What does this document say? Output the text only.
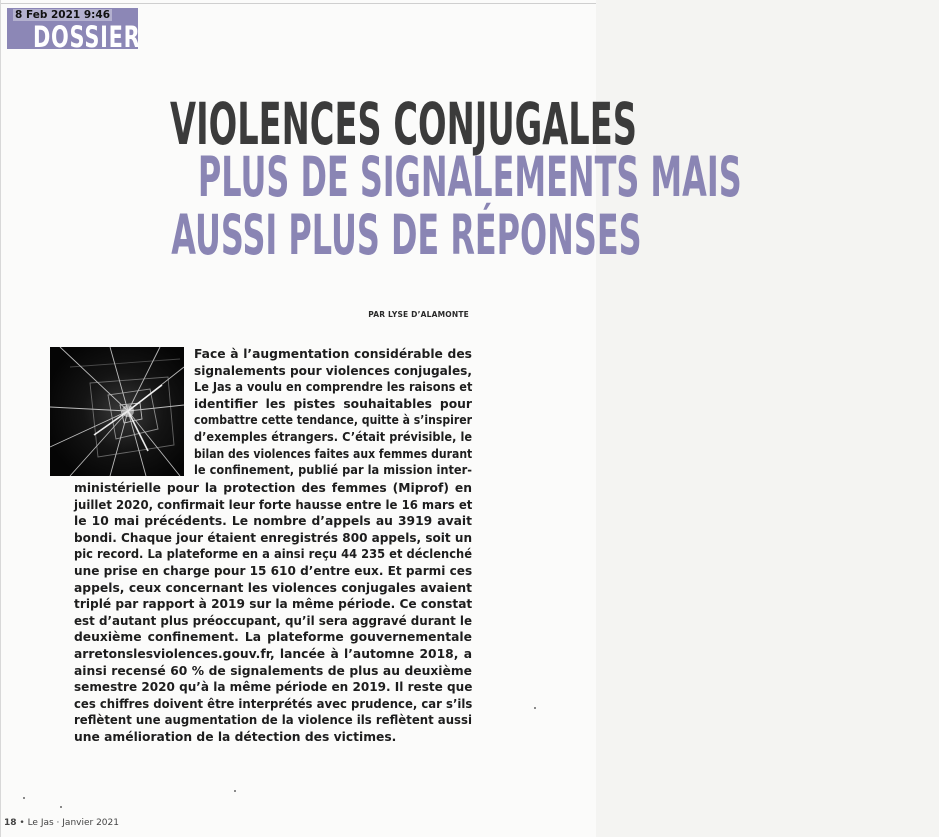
DOSSIER
8 Feb 2021 9:46
VIOLENCES CONJUGALES
PLUS DE SIGNALEMENTS MAIS
AUSSI PLUS DE RÉPONSES
PAR LYSE D’ALAMONTE
Face à l’augmentation considérable des
signalements pour violences conjugales,
Le Jas a voulu en comprendre les raisons et
identifier les pistes souhaitables pour
combattre cette tendance, quitte à s’inspirer
d’exemples étrangers. C’était prévisible, le
bilan des violences faites aux femmes durant
le confinement, publié par la mission inter-
ministérielle pour la protection des femmes (Miprof) en
juillet 2020, confirmait leur forte hausse entre le 16 mars et
le 10 mai précédents. Le nombre d’appels au 3919 avait
bondi. Chaque jour étaient enregistrés 800 appels, soit un
pic record. La plateforme en a ainsi reçu 44 235 et déclenché
une prise en charge pour 15 610 d’entre eux. Et parmi ces
appels, ceux concernant les violences conjugales avaient
triplé par rapport à 2019 sur la même période. Ce constat
est d’autant plus préoccupant, qu’il sera aggravé durant le
deuxième confinement. La plateforme gouvernementale
arretonslesviolences.gouv.fr, lancée à l’automne 2018, a
ainsi recensé 60 % de signalements de plus au deuxième
semestre 2020 qu’à la même période en 2019. Il reste que
ces chiffres doivent être interprétés avec prudence, car s’ils
reflètent une augmentation de la violence ils reflètent aussi
une amélioration de la détection des victimes.
18 • Le Jas · Janvier 2021
